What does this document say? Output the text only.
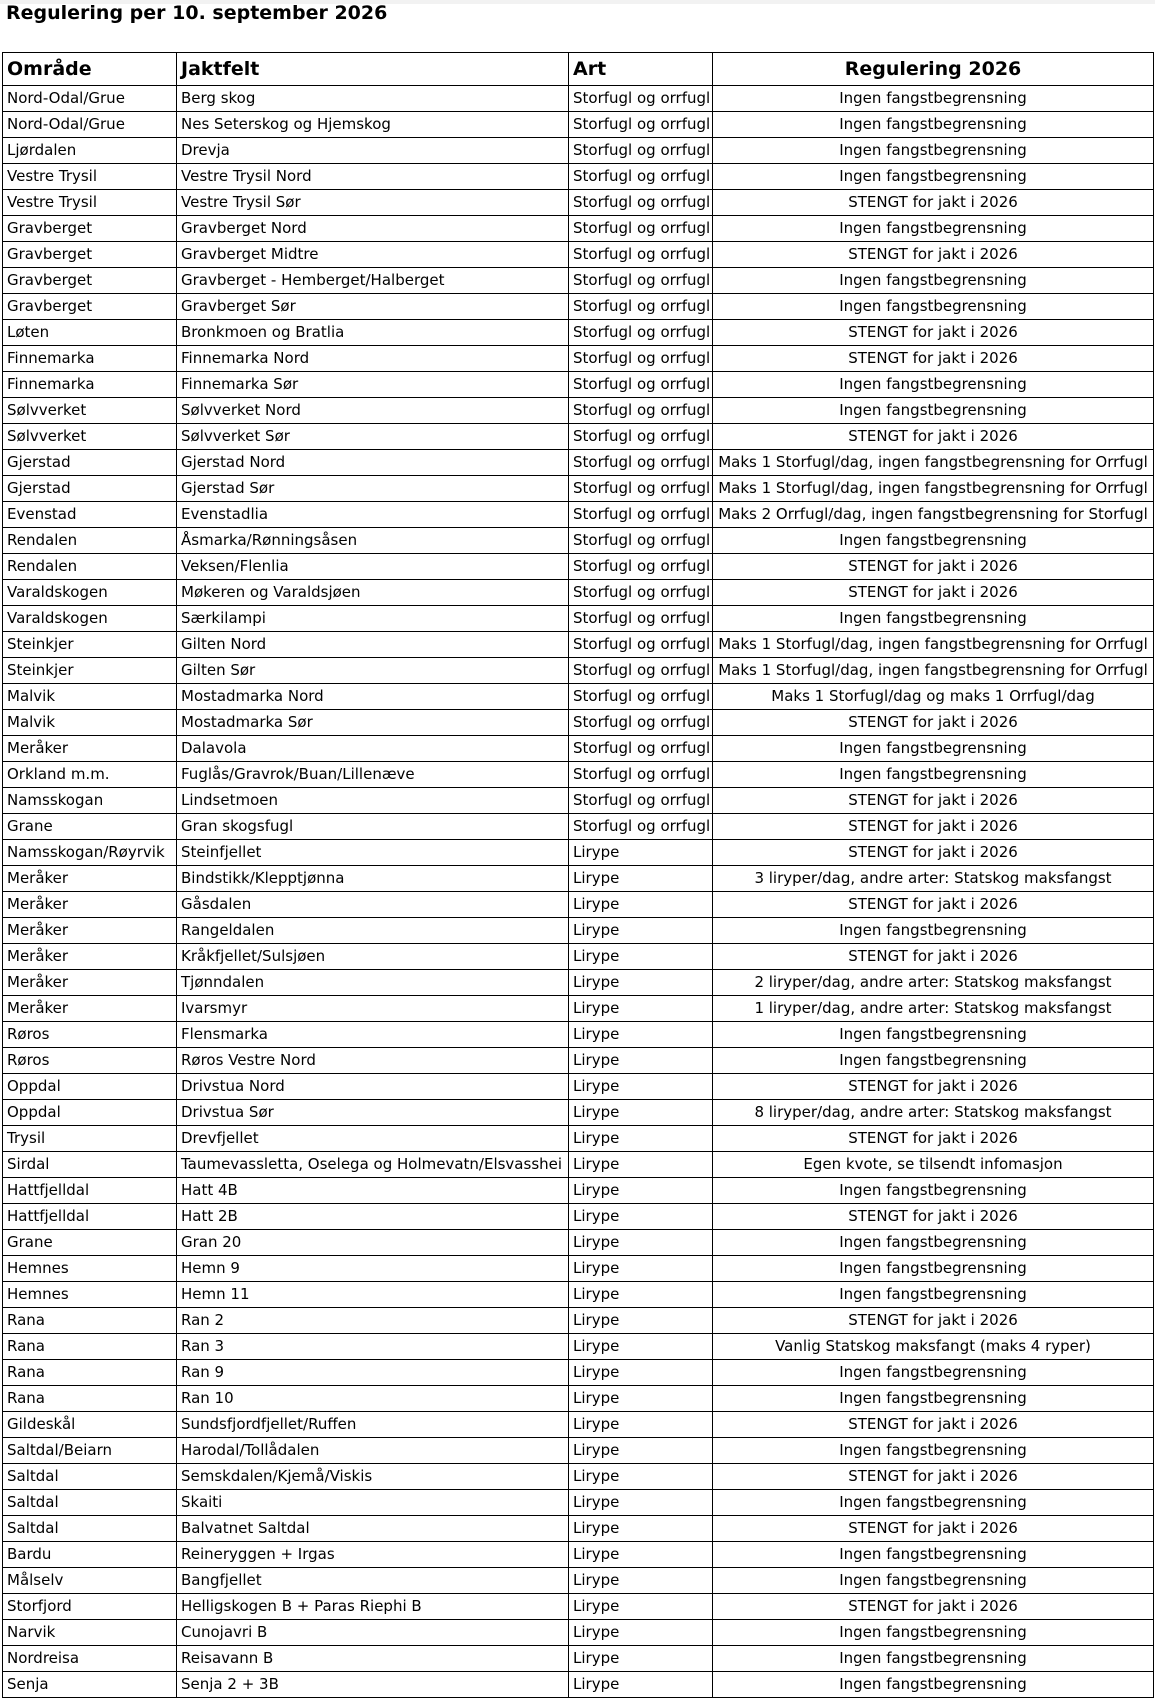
Regulering per 10. september 2026
Område	Jaktfelt	Art	Regulering 2026
Nord-Odal/Grue	Berg skog	Storfugl og orrfugl	Ingen fangstbegrensning
Nord-Odal/Grue	Nes Seterskog og Hjemskog	Storfugl og orrfugl	Ingen fangstbegrensning
Ljørdalen	Drevja	Storfugl og orrfugl	Ingen fangstbegrensning
Vestre Trysil	Vestre Trysil Nord	Storfugl og orrfugl	Ingen fangstbegrensning
Vestre Trysil	Vestre Trysil Sør	Storfugl og orrfugl	STENGT for jakt i 2026
Gravberget	Gravberget Nord	Storfugl og orrfugl	Ingen fangstbegrensning
Gravberget	Gravberget Midtre	Storfugl og orrfugl	STENGT for jakt i 2026
Gravberget	Gravberget - Hemberget/Halberget	Storfugl og orrfugl	Ingen fangstbegrensning
Gravberget	Gravberget Sør	Storfugl og orrfugl	Ingen fangstbegrensning
Løten	Bronkmoen og Bratlia	Storfugl og orrfugl	STENGT for jakt i 2026
Finnemarka	Finnemarka Nord	Storfugl og orrfugl	STENGT for jakt i 2026
Finnemarka	Finnemarka Sør	Storfugl og orrfugl	Ingen fangstbegrensning
Sølvverket	Sølvverket Nord	Storfugl og orrfugl	Ingen fangstbegrensning
Sølvverket	Sølvverket Sør	Storfugl og orrfugl	STENGT for jakt i 2026
Gjerstad	Gjerstad Nord	Storfugl og orrfugl	Maks 1 Storfugl/dag, ingen fangstbegrensning for Orrfugl
Gjerstad	Gjerstad Sør	Storfugl og orrfugl	Maks 1 Storfugl/dag, ingen fangstbegrensning for Orrfugl
Evenstad	Evenstadlia	Storfugl og orrfugl	Maks 2 Orrfugl/dag, ingen fangstbegrensning for Storfugl
Rendalen	Åsmarka/Rønningsåsen	Storfugl og orrfugl	Ingen fangstbegrensning
Rendalen	Veksen/Flenlia	Storfugl og orrfugl	STENGT for jakt i 2026
Varaldskogen	Møkeren og Varaldsjøen	Storfugl og orrfugl	STENGT for jakt i 2026
Varaldskogen	Særkilampi	Storfugl og orrfugl	Ingen fangstbegrensning
Steinkjer	Gilten Nord	Storfugl og orrfugl	Maks 1 Storfugl/dag, ingen fangstbegrensning for Orrfugl
Steinkjer	Gilten Sør	Storfugl og orrfugl	Maks 1 Storfugl/dag, ingen fangstbegrensning for Orrfugl
Malvik	Mostadmarka Nord	Storfugl og orrfugl	Maks 1 Storfugl/dag og maks 1 Orrfugl/dag
Malvik	Mostadmarka Sør	Storfugl og orrfugl	STENGT for jakt i 2026
Meråker	Dalavola	Storfugl og orrfugl	Ingen fangstbegrensning
Orkland m.m.	Fuglås/Gravrok/Buan/Lillenæve	Storfugl og orrfugl	Ingen fangstbegrensning
Namsskogan	Lindsetmoen	Storfugl og orrfugl	STENGT for jakt i 2026
Grane	Gran skogsfugl	Storfugl og orrfugl	STENGT for jakt i 2026
Namsskogan/Røyrvik	Steinfjellet	Lirype	STENGT for jakt i 2026
Meråker	Bindstikk/Klepptjønna	Lirype	3 liryper/dag, andre arter: Statskog maksfangst
Meråker	Gåsdalen	Lirype	STENGT for jakt i 2026
Meråker	Rangeldalen	Lirype	Ingen fangstbegrensning
Meråker	Kråkfjellet/Sulsjøen	Lirype	STENGT for jakt i 2026
Meråker	Tjønndalen	Lirype	2 liryper/dag, andre arter: Statskog maksfangst
Meråker	Ivarsmyr	Lirype	1 liryper/dag, andre arter: Statskog maksfangst
Røros	Flensmarka	Lirype	Ingen fangstbegrensning
Røros	Røros Vestre Nord	Lirype	Ingen fangstbegrensning
Oppdal	Drivstua Nord	Lirype	STENGT for jakt i 2026
Oppdal	Drivstua Sør	Lirype	8 liryper/dag, andre arter: Statskog maksfangst
Trysil	Drevfjellet	Lirype	STENGT for jakt i 2026
Sirdal	Taumevassletta, Oselega og Holmevatn/Elsvasshei	Lirype	Egen kvote, se tilsendt infomasjon
Hattfjelldal	Hatt 4B	Lirype	Ingen fangstbegrensning
Hattfjelldal	Hatt 2B	Lirype	STENGT for jakt i 2026
Grane	Gran 20	Lirype	Ingen fangstbegrensning
Hemnes	Hemn 9	Lirype	Ingen fangstbegrensning
Hemnes	Hemn 11	Lirype	Ingen fangstbegrensning
Rana	Ran 2	Lirype	STENGT for jakt i 2026
Rana	Ran 3	Lirype	Vanlig Statskog maksfangt (maks 4 ryper)
Rana	Ran 9	Lirype	Ingen fangstbegrensning
Rana	Ran 10	Lirype	Ingen fangstbegrensning
Gildeskål	Sundsfjordfjellet/Ruffen	Lirype	STENGT for jakt i 2026
Saltdal/Beiarn	Harodal/Tollådalen	Lirype	Ingen fangstbegrensning
Saltdal	Semskdalen/Kjemå/Viskis	Lirype	STENGT for jakt i 2026
Saltdal	Skaiti	Lirype	Ingen fangstbegrensning
Saltdal	Balvatnet Saltdal	Lirype	STENGT for jakt i 2026
Bardu	Reineryggen + Irgas	Lirype	Ingen fangstbegrensning
Målselv	Bangfjellet	Lirype	Ingen fangstbegrensning
Storfjord	Helligskogen B + Paras Riephi B	Lirype	STENGT for jakt i 2026
Narvik	Cunojavri B	Lirype	Ingen fangstbegrensning
Nordreisa	Reisavann B	Lirype	Ingen fangstbegrensning
Senja	Senja 2 + 3B	Lirype	Ingen fangstbegrensning
